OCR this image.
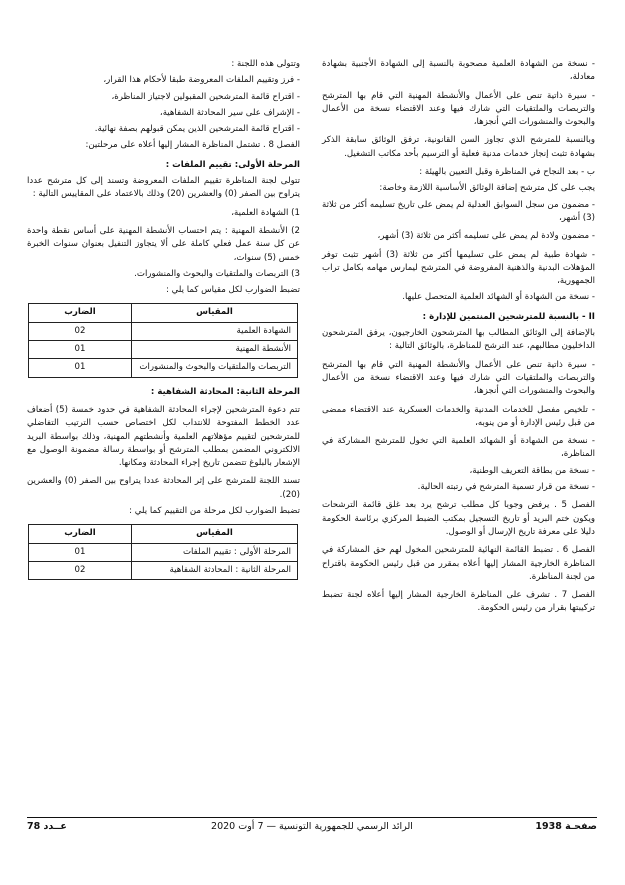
- نسخة من الشهادة العلمية مصحوبة بالنسبة إلى الشهادة الأجنبية بشهادة معادلة،

- سيرة ذاتية تنص على الأعمال والأنشطة المهنية التي قام بها المترشح والتربصات والملتقيات التي شارك فيها وعند الاقتضاء نسخة من الأعمال والبحوث والمنشورات التي أنجزها،

وبالنسبة للمترشح الذي تجاوز السن القانونية، ترفق الوثائق سابقة الذكر بشهادة تثبت إنجاز خدمات مدنية فعلية أو الترسيم بأحد مكاتب التشغيل.

ب - بعد النجاح في المناظرة وقبل التعيين بالهيئة :

يجب على كل مترشح إضافة الوثائق الأساسية اللازمة وخاصة:

- مضمون من سجل السوابق العدلية لم يمض على تاريخ تسليمه أكثر من ثلاثة (3) أشهر،

- مضمون ولادة لم يمض على تسليمه أكثر من ثلاثة (3) أشهر،

- شهادة طبية لم يمض على تسليمها أكثر من ثلاثة (3) أشهر تثبت توفر المؤهلات البدنية والذهنية المفروضة في المترشح ليمارس مهامه بكامل تراب الجمهورية،

- نسخة من الشهادة أو الشهائد العلمية المتحصل عليها.

II - بالنسبة للمترشحين المنتمين للإدارة :

بالإضافة إلى الوثائق المطالب بها المترشحون الخارجيون، يرفق المترشحون الداخليون مطالبهم، عند الترشح للمناظرة، بالوثائق التالية :

- سيرة ذاتية تنص على الأعمال والأنشطة المهنية التي قام بها المترشح والتربصات والملتقيات التي شارك فيها وعند الاقتضاء نسخة من الأعمال والبحوث والمنشورات التي أنجزها،

- تلخيص مفصل للخدمات المدنية والخدمات العسكرية عند الاقتضاء ممضى من قبل رئيس الإدارة أو من ينوبه،

- نسخة من الشهادة أو الشهائد العلمية التي تخول للمترشح المشاركة في المناظرة،

- نسخة من بطاقة التعريف الوطنية،

- نسخة من قرار تسمية المترشح في رتبته الحالية.

الفصل 5 . يرفض وجوبا كل مطلب ترشح يرد بعد غلق قائمة الترشحات ويكون ختم البريد أو تاريخ التسجيل بمكتب الضبط المركزي برئاسة الحكومة دليلا على معرفة تاريخ الإرسال أو الوصول.

الفصل 6 . تضبط القائمة النهائية للمترشحين المخول لهم حق المشاركة في المناظرة الخارجية المشار إليها أعلاه بمقرر من قبل رئيس الحكومة باقتراح من لجنة المناظرة.

الفصل 7 . تشرف على المناظرة الخارجية المشار إليها أعلاه لجنة تضبط تركيبتها بقرار من رئيس الحكومة.

وتتولى هذه اللجنة :

- فرز وتقييم الملفات المعروضة طبقا لأحكام هذا القرار،

- اقتراح قائمة المترشحين المقبولين لاجتياز المناظرة،

- الإشراف على سير المحادثة الشفاهية،

- اقتراح قائمة المترشحين الذين يمكن قبولهم بصفة نهائية.

الفصل 8 . تشتمل المناظرة المشار إليها أعلاه على مرحلتين:

المرحلة الأولى: تقييم الملفات :

تتولى لجنة المناظرة تقييم الملفات المعروضة وتسند إلى كل مترشح عددا يتراوح بين الصفر (0) والعشرين (20) وذلك بالاعتماد على المقاييس التالية :

1) الشهادة العلمية،

2) الأنشطة المهنية : يتم احتساب الأنشطة المهنية على أساس نقطة واحدة عن كل سنة عمل فعلي كاملة على ألا يتجاوز التنفيل بعنوان سنوات الخبرة خمس (5) سنوات،

3) التربصات والملتقيات والبحوث والمنشورات.

تضبط الضوارب لكل مقياس كما يلي :

المقياس	الضارب
الشهادة العلمية	02
الأنشطة المهنية	01
التربصات والملتقيات والبحوث والمنشورات	01

المرحلة الثانية: المحادثة الشفاهية :

تتم دعوة المترشحين لإجراء المحادثة الشفاهية في حدود خمسة (5) أضعاف عدد الخطط المفتوحة للانتداب لكل اختصاص حسب الترتيب التفاضلي للمترشحين لتقييم مؤهلاتهم العلمية وأنشطتهم المهنية، وذلك بواسطة البريد الالكتروني المضمن بمطلب المترشح أو بواسطة رسالة مضمونة الوصول مع الإشعار بالبلوغ تتضمن تاريخ إجراء المحادثة ومكانها.

تسند اللجنة للمترشح على إثر المحادثة عددا يتراوح بين الصفر (0) والعشرين (20).

تضبط الضوارب لكل مرحلة من التقييم كما يلي :

المقياس	الضارب
المرحلة الأولى : تقييم الملفات	01
المرحلة الثانية : المحادثة الشفاهية	02
صفحـة 1938
الرائد الرسمي للجمهورية التونسية — 7 أوت 2020
عــدد 78
